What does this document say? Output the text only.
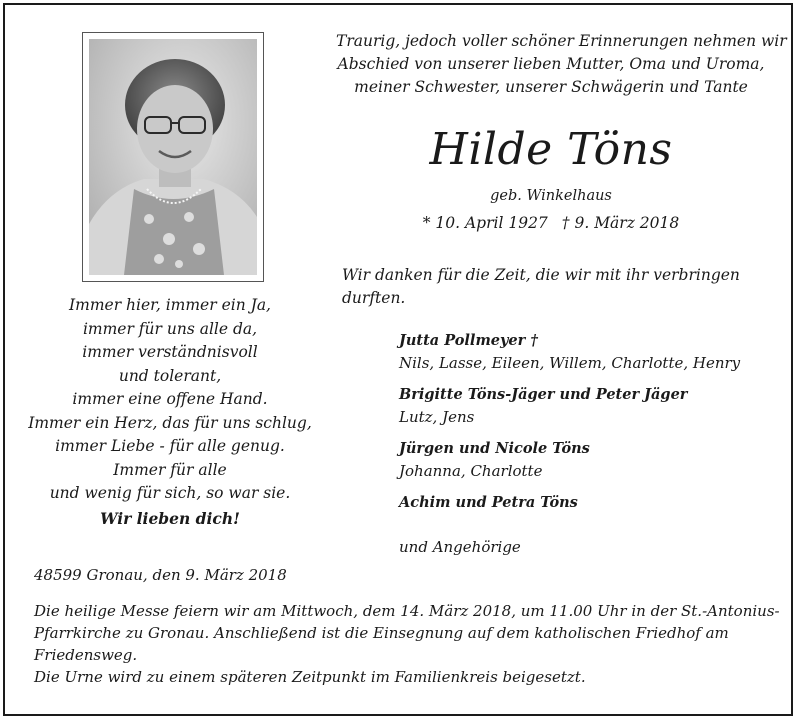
Immer hier, immer ein Ja,
immer für uns alle da,
immer verständnisvoll
und tolerant,
immer eine offene Hand.
Immer ein Herz, das für uns schlug,
immer Liebe - für alle genug.
Immer für alle
und wenig für sich, so war sie.
Wir lieben dich!
Traurig, jedoch voller schöner Erinnerungen nehmen wir
Abschied von unserer lieben Mutter, Oma und Uroma,
meiner Schwester, unserer Schwägerin und Tante
Hilde Töns
geb. Winkelhaus
* 10. April 1927 † 9. März 2018
Wir danken für die Zeit, die wir mit ihr verbringen
durften.
Jutta Pollmeyer †
Nils, Lasse, Eileen, Willem, Charlotte, Henry
Brigitte Töns-Jäger und Peter Jäger
Lutz, Jens
Jürgen und Nicole Töns
Johanna, Charlotte
Achim und Petra Töns
und Angehörige
48599 Gronau, den 9. März 2018
Die heilige Messe feiern wir am Mittwoch, dem 14. März 2018, um 11.00 Uhr in der St.-Antonius-
Pfarrkirche zu Gronau. Anschließend ist die Einsegnung auf dem katholischen Friedhof am
Friedensweg.
Die Urne wird zu einem späteren Zeitpunkt im Familienkreis beigesetzt.
